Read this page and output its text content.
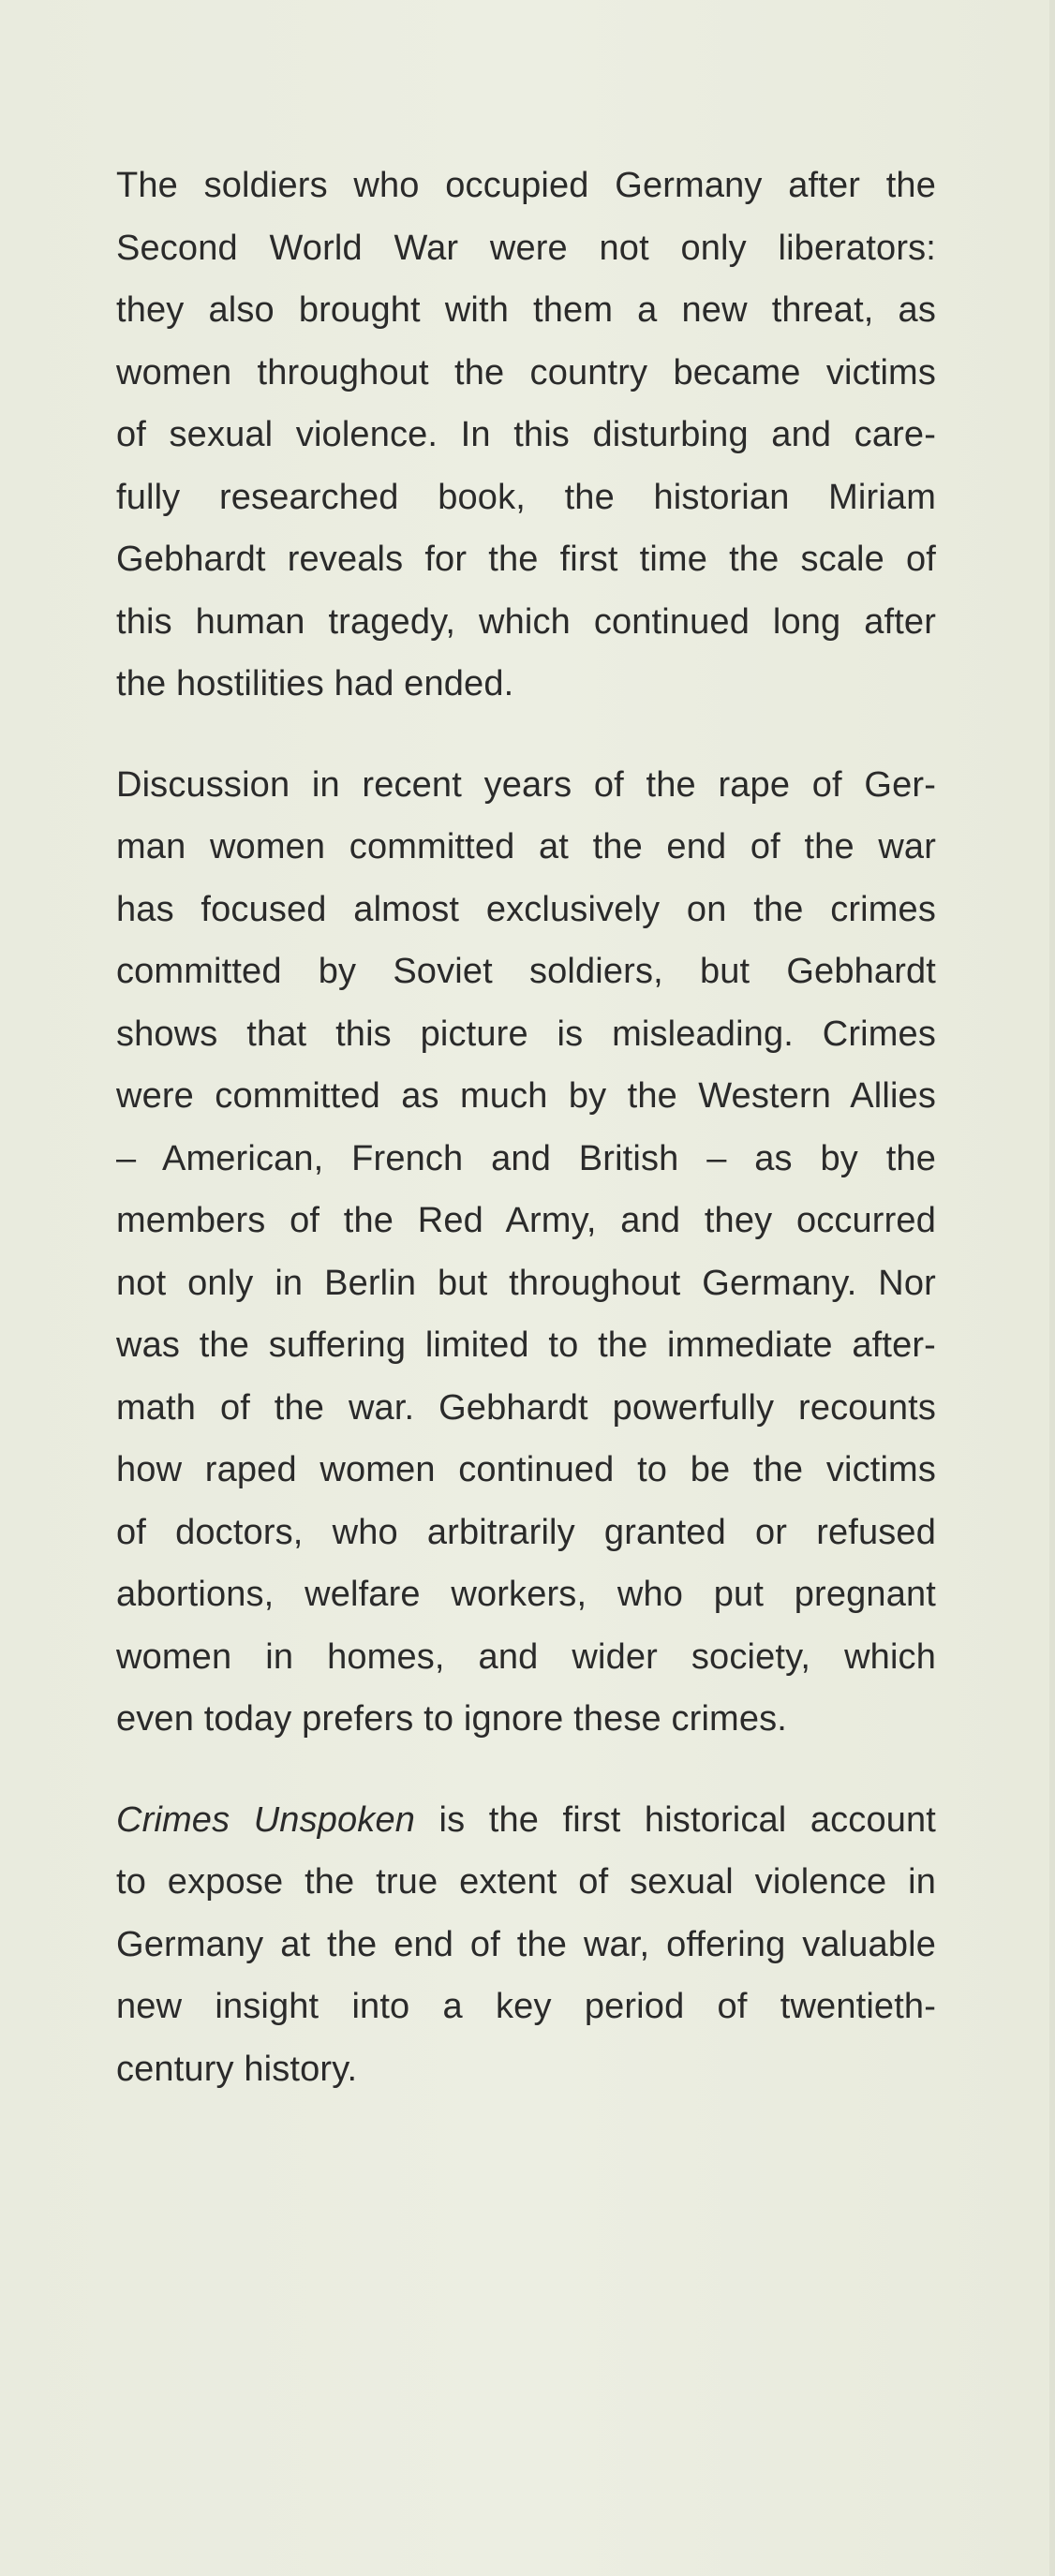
The soldiers who occupied Germany after the
Second World War were not only liberators:
they also brought with them a new threat, as
women throughout the country became victims
of sexual violence. In this disturbing and care-
fully researched book, the historian Miriam
Gebhardt reveals for the first time the scale of
this human tragedy, which continued long after
the hostilities had ended.

Discussion in recent years of the rape of Ger-
man women committed at the end of the war
has focused almost exclusively on the crimes
committed by Soviet soldiers, but Gebhardt
shows that this picture is misleading. Crimes
were committed as much by the Western Allies
– American, French and British – as by the
members of the Red Army, and they occurred
not only in Berlin but throughout Germany. Nor
was the suffering limited to the immediate after-
math of the war. Gebhardt powerfully recounts
how raped women continued to be the victims
of doctors, who arbitrarily granted or refused
abortions, welfare workers, who put pregnant
women in homes, and wider society, which
even today prefers to ignore these crimes.

Crimes Unspoken is the first historical account
to expose the true extent of sexual violence in
Germany at the end of the war, offering valuable
new insight into a key period of twentieth-
century history.
